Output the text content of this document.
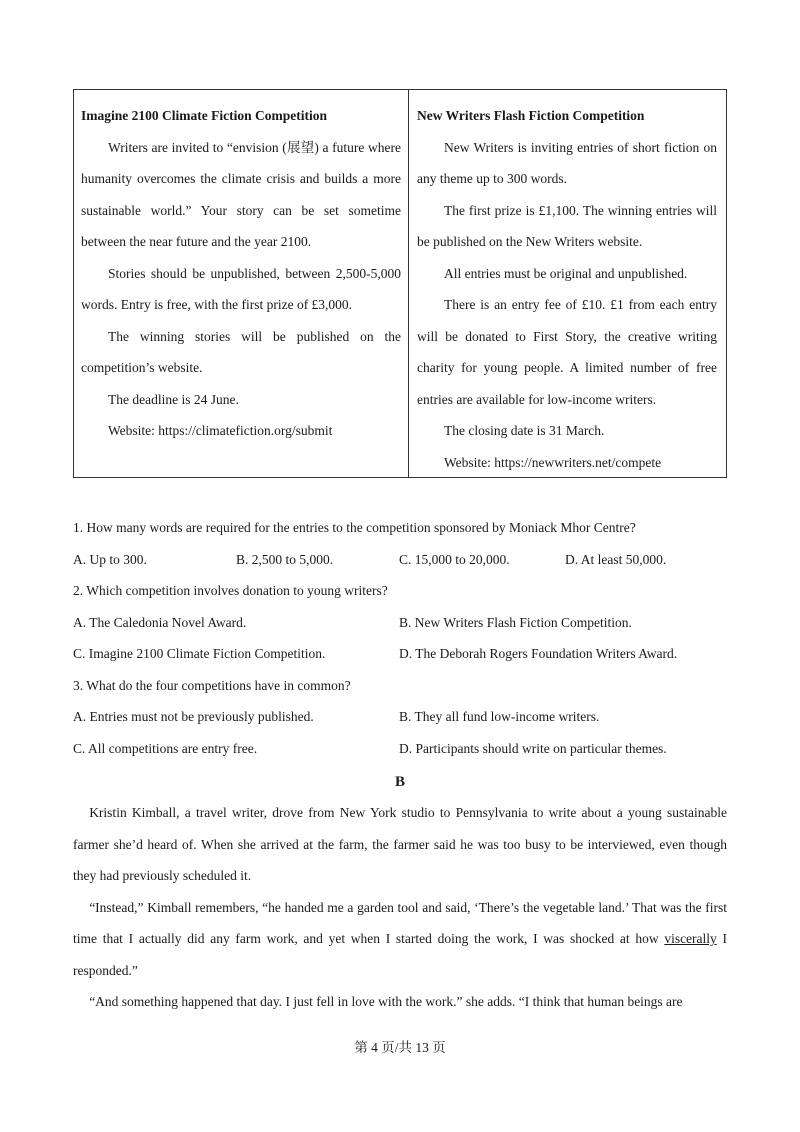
Imagine 2100 Climate Fiction Competition

Writers are invited to “envision (展望) a future where humanity overcomes the climate crisis and builds a more sustainable world.” Your story can be set sometime between the near future and the year 2100.

Stories should be unpublished, between 2,500-5,000 words. Entry is free, with the first prize of £3,000.

The winning stories will be published on the competition’s website.

The deadline is 24 June.

Website: https://climatefiction.org/submit

New Writers Flash Fiction Competition

New Writers is inviting entries of short fiction on any theme up to 300 words.

The first prize is £1,100. The winning entries will be published on the New Writers website.

All entries must be original and unpublished.

There is an entry fee of £10. £1 from each entry will be donated to First Story, the creative writing charity for young people. A limited number of free entries are available for low-income writers.

The closing date is 31 March.

Website: https://newwriters.net/compete

1. How many words are required for the entries to the competition sponsored by Moniack Mhor Centre?
A. Up to 300.	B. 2,500 to 5,000.	C. 15,000 to 20,000.	D. At least 50,000.
2. Which competition involves donation to young writers?
A. The Caledonia Novel Award.	B. New Writers Flash Fiction Competition.
C. Imagine 2100 Climate Fiction Competition.	D. The Deborah Rogers Foundation Writers Award.
3. What do the four competitions have in common?
A. Entries must not be previously published.	B. They all fund low-income writers.
C. All competitions are entry free.	D. Participants should write on particular themes.
B

Kristin Kimball, a travel writer, drove from New York studio to Pennsylvania to write about a young sustainable farmer she’d heard of. When she arrived at the farm, the farmer said he was too busy to be interviewed, even though they had previously scheduled it.

“Instead,” Kimball remembers, “he handed me a garden tool and said, ‘There’s the vegetable land.’ That was the first time that I actually did any farm work, and yet when I started doing the work, I was shocked at how viscerally I responded.”

“And something happened that day. I just fell in love with the work.” she adds. “I think that human beings are

第 4 页/共 13 页
